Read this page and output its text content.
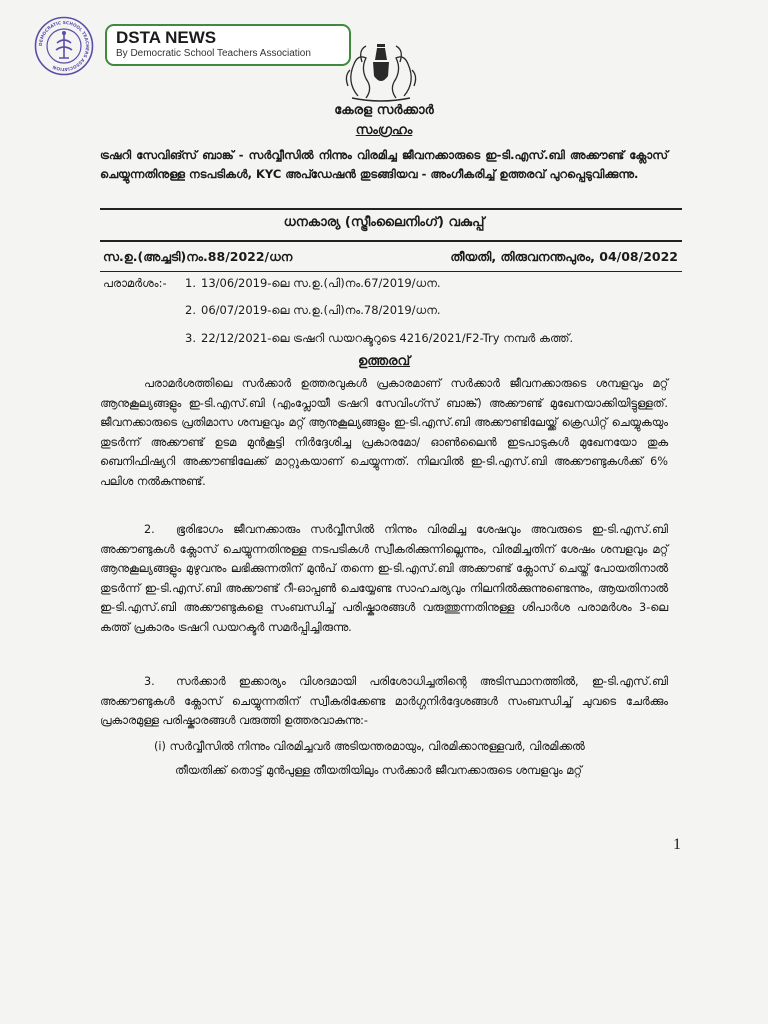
DEMOCRATIC SCHOOL TEACHERS ASSOCIATION
DSTA NEWS
By Democratic School Teachers Association
കേരള സർക്കാർ
സംഗ്രഹം
ട്രഷറി സേവിങ്സ് ബാങ്ക് - സർവ്വീസിൽ നിന്നും വിരമിച്ച ജീവനക്കാരുടെ ഇ-ടി.എസ്.ബി അക്കൗണ്ട് ക്ലോസ് ചെയ്യുന്നതിനുള്ള നടപടികൾ, KYC അപ്ഡേഷൻ തുടങ്ങിയവ - അംഗീകരിച്ച് ഉത്തരവ് പുറപ്പെടുവിക്കുന്നു.
ധനകാര്യ (സ്ട്രീംലൈനിംഗ്) വകുപ്പ്
സ.ഉ.(അച്ചടി)നം.88/2022/ധന	തീയതി, തിരുവനന്തപുരം, 04/08/2022
പരാമർശം:- 1. 13/06/2019-ലെ സ.ഉ.(പി)നം.67/2019/ധന.
2. 06/07/2019-ലെ സ.ഉ.(പി)നം.78/2019/ധന.
3. 22/12/2021-ലെ ട്രഷറി ഡയറക്ടറുടെ 4216/2021/F2-Try നമ്പർ കത്ത്.
ഉത്തരവ്
പരാമർശത്തിലെ സർക്കാർ ഉത്തരവുകൾ പ്രകാരമാണ് സർക്കാർ ജീവനക്കാരുടെ ശമ്പളവും മറ്റ് ആനുകൂല്യങ്ങളും ഇ-ടി.എസ്.ബി (എംപ്ലോയീ ട്രഷറി സേവിംഗ്സ് ബാങ്ക്) അക്കൗണ്ട് മുഖേനയാക്കിയിട്ടുള്ളത്. ജീവനക്കാരുടെ പ്രതിമാസ ശമ്പളവും മറ്റ് ആനുകൂല്യങ്ങളും ഇ-ടി.എസ്.ബി അക്കൗണ്ടിലേയ്ക്ക് ക്രെഡിറ്റ് ചെയ്യുകയും തുടർന്ന് അക്കൗണ്ട് ഉടമ മുൻകൂട്ടി നിർദ്ദേശിച്ച പ്രകാരമോ/ ഓൺലൈൻ ഇടപാടുകൾ മുഖേനയോ തുക ബെനിഫിഷ്യറി അക്കൗണ്ടിലേക്ക് മാറ്റുകയാണ് ചെയ്യുന്നത്. നിലവിൽ ഇ-ടി.എസ്.ബി അക്കൗണ്ടുകൾക്ക് 6% പലിശ നൽകുന്നുണ്ട്.
2. ഭൂരിഭാഗം ജീവനക്കാരും സർവ്വീസിൽ നിന്നും വിരമിച്ച ശേഷവും അവരുടെ ഇ-ടി.എസ്.ബി അക്കൗണ്ടുകൾ ക്ലോസ് ചെയ്യുന്നതിനുള്ള നടപടികൾ സ്വീകരിക്കുന്നില്ലെന്നും, വിരമിച്ചതിന് ശേഷം ശമ്പളവും മറ്റ് ആനുകൂല്യങ്ങളും മുഴുവനും ലഭിക്കുന്നതിന് മുൻപ് തന്നെ ഇ-ടി.എസ്.ബി അക്കൗണ്ട് ക്ലോസ് ചെയ്ത് പോയതിനാൽ തുടർന്ന് ഇ-ടി.എസ്.ബി അക്കൗണ്ട് റീ-ഓപ്പൺ ചെയ്യേണ്ട സാഹചര്യവും നിലനിൽക്കുന്നുണ്ടെന്നും, ആയതിനാൽ ഇ-ടി.എസ്.ബി അക്കൗണ്ടുകളെ സംബന്ധിച്ച് പരിഷ്കാരങ്ങൾ വരുത്തുന്നതിനുള്ള ശിപാർശ പരാമർശം 3-ലെ കത്ത് പ്രകാരം ട്രഷറി ഡയറക്ടർ സമർപ്പിച്ചിരുന്നു.
3. സർക്കാർ ഇക്കാര്യം വിശദമായി പരിശോധിച്ചതിന്റെ അടിസ്ഥാനത്തിൽ, ഇ-ടി.എസ്.ബി അക്കൗണ്ടുകൾ ക്ലോസ് ചെയ്യുന്നതിന് സ്വീകരിക്കേണ്ട മാർഗ്ഗനിർദ്ദേശങ്ങൾ സംബന്ധിച്ച് ചുവടെ ചേർക്കും പ്രകാരമുള്ള പരിഷ്കാരങ്ങൾ വരുത്തി ഉത്തരവാകുന്നു:-
(i) സർവ്വീസിൽ നിന്നും വിരമിച്ചവർ അടിയന്തരമായും, വിരമിക്കാനുള്ളവർ, വിരമിക്കൽ
തീയതിക്ക് തൊട്ട് മുൻപുള്ള തീയതിയിലും സർക്കാർ ജീവനക്കാരുടെ ശമ്പളവും മറ്റ്
1
